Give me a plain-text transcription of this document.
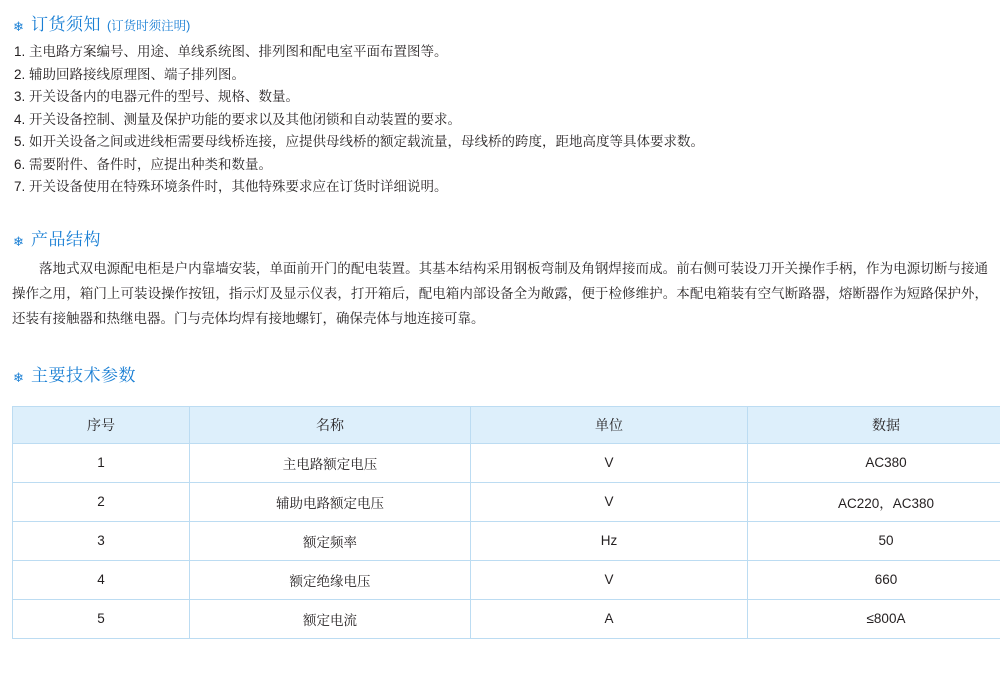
❄ 订货须知 (订货时须注明)
1. 主电路方案编号、用途、单线系统图、排列图和配电室平面布置图等。
2. 辅助回路接线原理图、端子排列图。
3. 开关设备内的电器元件的型号、规格、数量。
4. 开关设备控制、测量及保护功能的要求以及其他闭锁和自动装置的要求。
5. 如开关设备之间或进线柜需要母线桥连接，应提供母线桥的额定载流量，母线桥的跨度，距地高度等具体要求数。
6. 需要附件、备件时，应提出种类和数量。
7. 开关设备使用在特殊环境条件时，其他特殊要求应在订货时详细说明。
❄ 产品结构

落地式双电源配电柜是户内靠墙安装，单面前开门的配电装置。其基本结构采用钢板弯制及角钢焊接而成。前右侧可装设刀开关操作手柄，作为电源切断与接通操作之用，箱门上可装设操作按钮，指示灯及显示仪表，打开箱后，配电箱内部设备全为敞露，便于检修维护。本配电箱装有空气断路器，熔断器作为短路保护外，还装有接触器和热继电器。门与壳体均焊有接地螺钉，确保壳体与地连接可靠。

❄ 主要技术参数
序号	名称	单位	数据
1	主电路额定电压	V	AC380
2	辅助电路额定电压	V	AC220，AC380
3	额定频率	Hz	50
4	额定绝缘电压	V	660
5	额定电流	A	≤800A
